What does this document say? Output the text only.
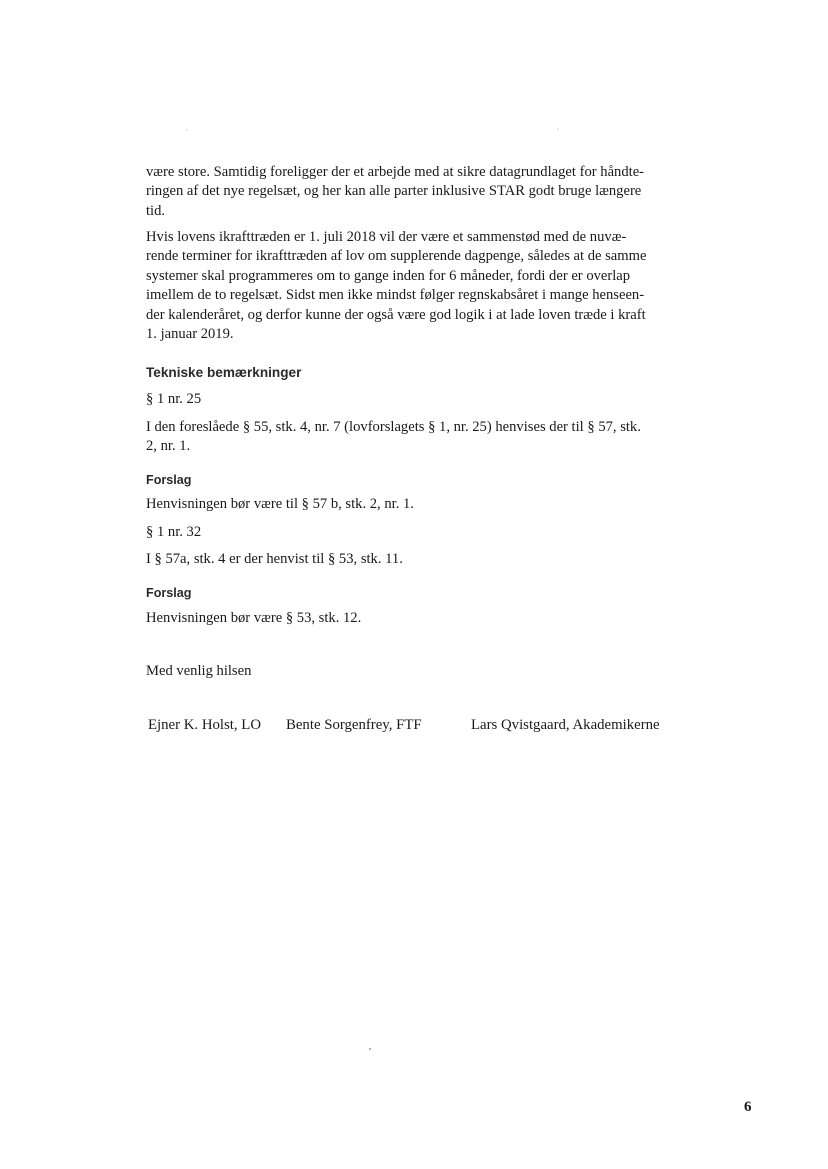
være store. Samtidig foreligger der et arbejde med at sikre datagrundlaget for håndte-
ringen af det nye regelsæt, og her kan alle parter inklusive STAR godt bruge længere
tid.
Hvis lovens ikrafttræden er 1. juli 2018 vil der være et sammenstød med de nuvæ-
rende terminer for ikrafttræden af lov om supplerende dagpenge, således at de samme
systemer skal programmeres om to gange inden for 6 måneder, fordi der er overlap
imellem de to regelsæt. Sidst men ikke mindst følger regnskabsåret i mange henseen-
der kalenderåret, og derfor kunne der også være god logik i at lade loven træde i kraft
1. januar 2019.

Tekniske bemærkninger

§ 1 nr. 25

I den foreslåede § 55, stk. 4, nr. 7 (lovforslagets § 1, nr. 25) henvises der til § 57, stk.
2, nr. 1.

Forslag

Henvisningen bør være til § 57 b, stk. 2, nr. 1.

§ 1 nr. 32

I § 57a, stk. 4 er der henvist til § 53, stk. 11.

Forslag

Henvisningen bør være § 53, stk. 12.

Med venlig hilsen

Ejner K. Holst, LO Bente Sorgenfrey, FTF	Lars Qvistgaard, Akademikerne

6
